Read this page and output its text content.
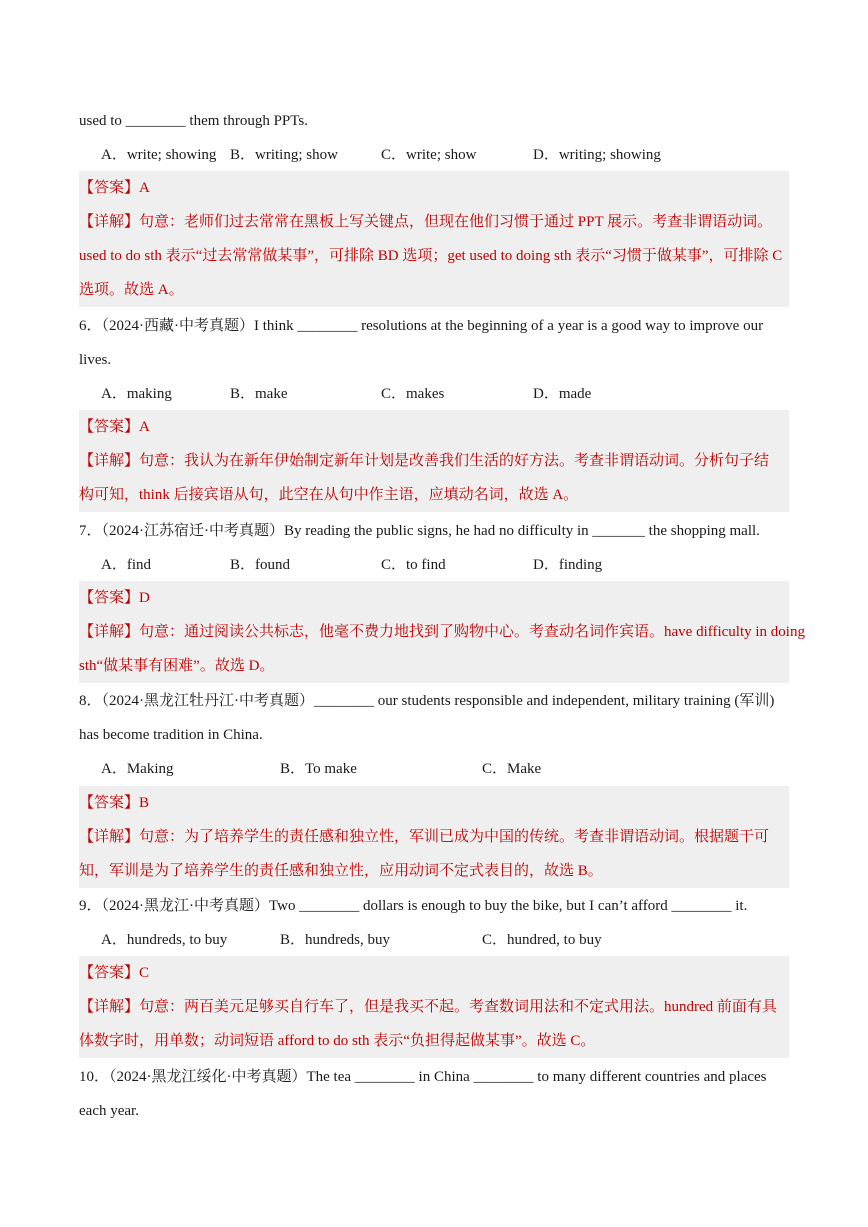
used to ________ them through PPTs.
A．write; showing B．writing; show	C．write; show	D．writing; showing
【答案】A
【详解】句意：老师们过去常常在黑板上写关键点，但现在他们习惯于通过 PPT 展示。考查非谓语动词。
used to do sth 表示“过去常常做某事”，可排除 BD 选项；get used to doing sth 表示“习惯于做某事”，可排除 C
选项。故选 A。
6．（2024·西藏·中考真题）I think ________ resolutions at the beginning of a year is a good way to improve our
lives.
A．making	B．make	C．makes	D．made
【答案】A
【详解】句意：我认为在新年伊始制定新年计划是改善我们生活的好方法。考查非谓语动词。分析句子结
构可知，think 后接宾语从句，此空在从句中作主语，应填动名词，故选 A。
7．（2024·江苏宿迁·中考真题）By reading the public signs, he had no difficulty in _______ the shopping mall.
A．find	B．found	C．to find	D．finding
【答案】D
【详解】句意：通过阅读公共标志，他毫不费力地找到了购物中心。考查动名词作宾语。have difficulty in doing
sth“做某事有困难”。故选 D。
8．（2024·黑龙江牡丹江·中考真题）________ our students responsible and independent, military training (军训)
has become tradition in China.
A．Making	B．To make	C．Make
【答案】B
【详解】句意：为了培养学生的责任感和独立性，军训已成为中国的传统。考查非谓语动词。根据题干可
知，军训是为了培养学生的责任感和独立性，应用动词不定式表目的，故选 B。
9．（2024·黑龙江·中考真题）Two ________ dollars is enough to buy the bike, but I can’t afford ________ it.
A．hundreds, to buy	B．hundreds, buy	C．hundred, to buy
【答案】C
【详解】句意：两百美元足够买自行车了，但是我买不起。考查数词用法和不定式用法。hundred 前面有具
体数字时，用单数；动词短语 afford to do sth 表示“负担得起做某事”。故选 C。
10．（2024·黑龙江绥化·中考真题）The tea ________ in China ________ to many different countries and places
each year.
